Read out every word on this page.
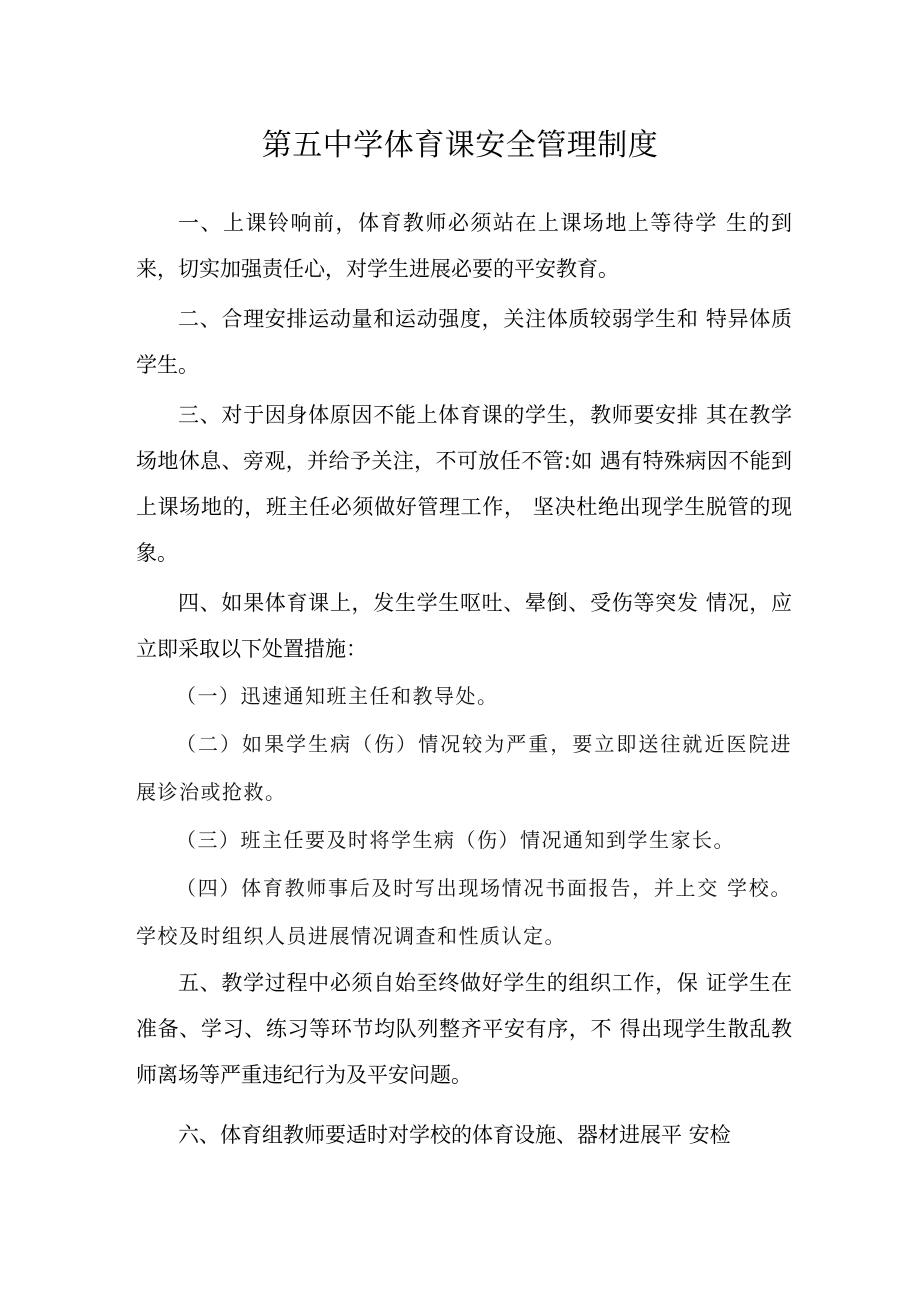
第五中学体育课安全管理制度

一、上课铃响前，体育教师必须站在上课场地上等待学 生的到来，切实加强责任心，对学生进展必要的平安教育。

二、合理安排运动量和运动强度，关注体质较弱学生和 特异体质学生。

三、对于因身体原因不能上体育课的学生，教师要安排 其在教学场地休息、旁观，并给予关注，不可放任不管:如 遇有特殊病因不能到上课场地的，班主任必须做好管理工作， 坚决杜绝出现学生脱管的现象。

四、如果体育课上，发生学生呕吐、晕倒、受伤等突发 情况，应立即采取以下处置措施：

（一）迅速通知班主任和教导处。

（二）如果学生病（伤）情况较为严重，要立即送往就近医院进展诊治或抢救。

（三）班主任要及时将学生病（伤）情况通知到学生家长。

（四）体育教师事后及时写出现场情况书面报告，并上交 学校。学校及时组织人员进展情况调查和性质认定。

五、教学过程中必须自始至终做好学生的组织工作，保 证学生在准备、学习、练习等环节均队列整齐平安有序，不 得出现学生散乱教师离场等严重违纪行为及平安问题。

六、体育组教师要适时对学校的体育设施、器材进展平 安检
